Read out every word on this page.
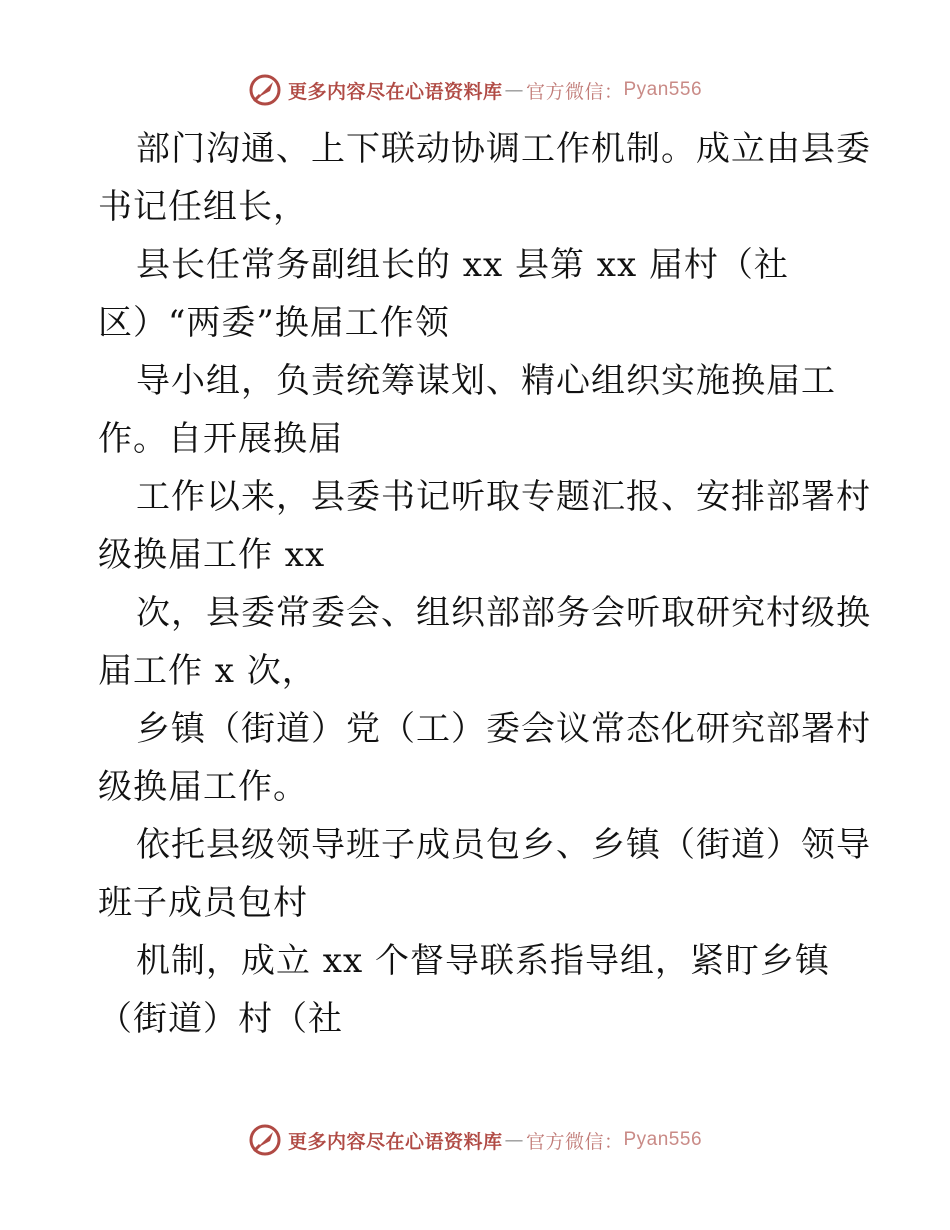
更多内容尽在心语资料库 — 官方微信： Pyan556
部门沟通、上下联动协调工作机制。成立由县委
书记任组长，
县长任常务副组长的 xx 县第 xx 届村（社
区）“两委”换届工作领
导小组，负责统筹谋划、精心组织实施换届工
作。自开展换届
工作以来，县委书记听取专题汇报、安排部署村
级换届工作 xx
次，县委常委会、组织部部务会听取研究村级换
届工作 x 次，
乡镇（街道）党（工）委会议常态化研究部署村
级换届工作。
依托县级领导班子成员包乡、乡镇（街道）领导
班子成员包村
机制，成立 xx 个督导联系指导组，紧盯乡镇
（街道）村（社
更多内容尽在心语资料库 — 官方微信： Pyan556
